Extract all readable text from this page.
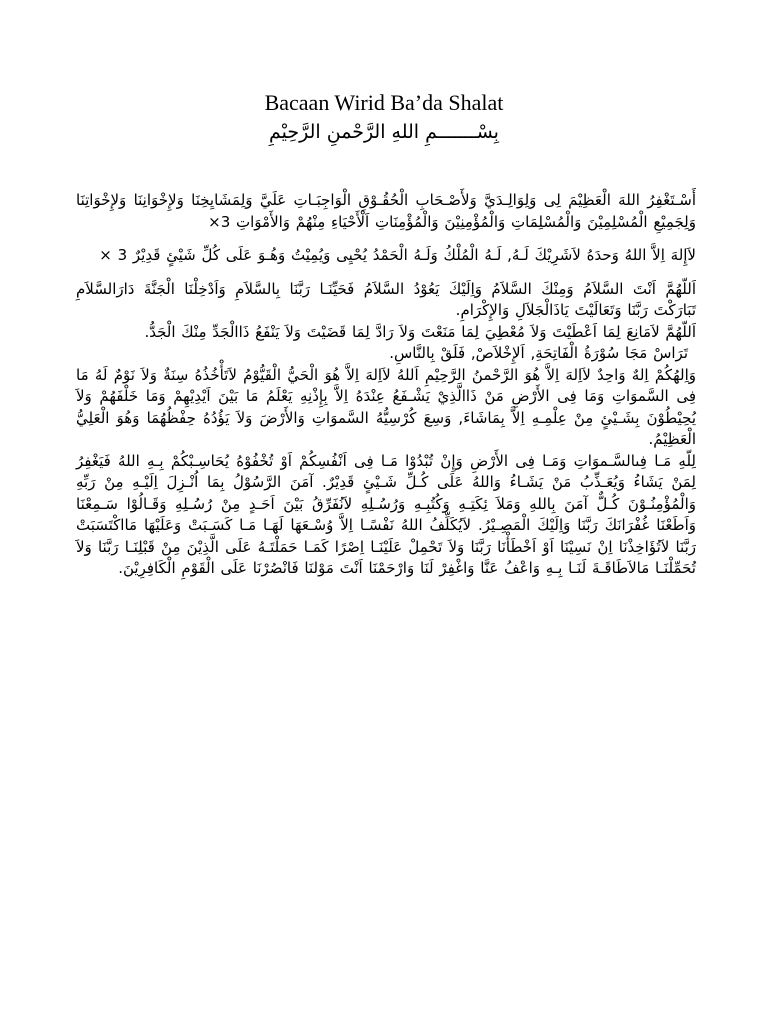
Bacaan Wirid Ba’da Shalat
بِسْـــــــمِ اللهِ الرَّحْمنِ الرَّحِيْمِ

أَسْـتَغْفِرُ اللهَ الْعَظِيْمَ لِى وَلِوَالِـدَيَّ وَلأَصْـحَابِ الْحُقُـوْقِ الْوَاجِبَـاتِ عَلَيَّ وَلِمَشَايِخِنَا وَلإِخْوَانِنَا وَلإِخْوَاتِنَا وَلِجَمِيْعِ الْمُسْلِمِيْنَ وَالْمُسْلِمَاتِ وَالْمُؤْمِنِيْنَ وَالْمُؤْمِنَاتِ اَلْأَحْيَاءِ مِنْهُمْ وَالأَمْوَاتِ 3×

لاَإِلهَ اِلاَّ اللهُ وَحدَهُ لاَشَرِيْكَ لَـهُ, لَـهُ الْمُلْكُ وَلَـهُ الْحَمْدُ يُحْيِى وَيُمِيْتُ وَهُـوَ عَلَى كُلِّ شَيْئٍ قَدِيْرٌ 3 ×

اَللّهُمَّ اَنْتَ السَّلاَمُ وَمِنْكَ السَّلاَمُ وَاِلَيْكَ يَعُوْدُ السَّلاَمُ فَحَيِّنَـا رَبَّنَا بِالسَّلاَمِ وَاَدْخِلْنَا الْجَنَّةَ دَارَالسَّلاَمِ تَبَارَكْتَ رَبَّنَا وَتَعَالَيْتَ يَاذَالْجَلاَلِ وَالإِكْرَامِ.

اَللّهُمَّ لاَمَانِعَ لِمَا اَعْطَيْتَ وَلاَ مُعْطِيَ لِمَا مَنَعْتَ وَلاَ رَادَّ لِمَا قَضَيْتَ وَلاَ يَنْفَعُ ذَاالْجَدِّ مِنْكَ الْجَدُّ.

تَرَاسْ مَجَا سُوْرَةُ الْفَاتِحَةِ, اَلإِخْلاَصْ, فَلَقْ بِالنَّاسِ.

وَاِلهُكُمْ اِلهٌ وَاحِدٌ لاَاِلهَ اِلاَّ هُوَ الرَّحْمنُ الرَّحِيْمِ اَللهُ لاَاِلهَ اِلاَّ هُوَ الْحَيُّ الْقَيُّوْمُ لاَتَأْخُذُهُ سِنَةٌ وَلاَ نَوْمٌ لَهُ مَا فِى السَّموَاتِ وَمَا فِى الأَرْضِ مَنْ ذَاالَّذِيْ يَشْـفَعُ عِنْدَهُ اِلاَّ بِإِذْنِهِ يَعْلَمُ مَا بَيْنَ اَيْدِيْهِمْ وَمَا خَلْفَهُمْ وَلاَ يُحِيْطُوْنَ بِشَـيْئٍ مِنْ عِلْمِـهِ اِلاَّ بِمَاشَاءَ, وَسِعَ كُرْسِيُّهُ السَّموَاتِ وَالأَرْضَ وَلاَ يَؤُدُهُ حِفْظُهُمَا وَهُوَ الْعَلِيُّ الْعَظِيْمُ.

لِلّهِ مَـا فِىالسَّـموَاتِ وَمَـا فِى الأَرْضِ وَإِنْ تُبْدُوْا مَـا فِى اَنْفُسِكُمْ اَوْ تُخْفُوْهُ يُحَاسِـبْكُمْ بِـهِ اللهُ فَيَغْفِرُ لِمَنْ يَشَاءُ وَيُعَـذِّبُ مَنْ يَشَـاءُ وَاللهُ عَلَى كُـلِّ شَـيْئٍ قَدِيْرٌ. آمَنَ الرَّسُوْلُ بِمَا اُنْـزِلَ اِلَيْـهِ مِنْ رَبِّهِ وَالْمُؤْمِنُـوْنَ كُـلٌّ آمَنَ بِاللهِ وَمَلاَ ئِكَتِـهِ وَكُتُبِـهِ وَرُسُـلِهِ لاَنُفَرِّقُ بَيْنَ اَحَـدٍ مِنْ رُسُـلِهِ وَقَـالُوْا سَـمِعْنَا وَاَطَعْنَا غُفْرَانَكَ رَبَّنَا وَاِلَيْكَ الْمَصِـيْرُ. لاَيُكَلِّفُ اللهُ نَفْسًـا اِلاَّ وُسْـعَهَا لَهَـا مَـا كَسَـبَتْ وَعَلَيْهَا مَااكْتَسَبَتْ رَبَّنَا لاَتُؤَاخِذْنَا اِنْ نَسِيْنَا اَوْ اَخْطَأْنَا رَبَّنَا وَلاَ تَحْمِلْ عَلَيْنَـا اِصْرًا كَمَـا حَمَلْتَـهُ عَلَى الَّذِيْنَ مِنْ قَبْلِنَـا رَبَّنَا وَلاَ تُحَمِّلْنَـا مَالاَطَاقَـةَ لَنَـا بِـهِ وَاعْفُ عَنَّا وَاغْفِرْ لَنَا وَارْحَمْنَا اَنْتَ مَوْلنَا فَانْصُرْنَا عَلَى الْقَوْمِ الْكَافِرِيْنَ.
